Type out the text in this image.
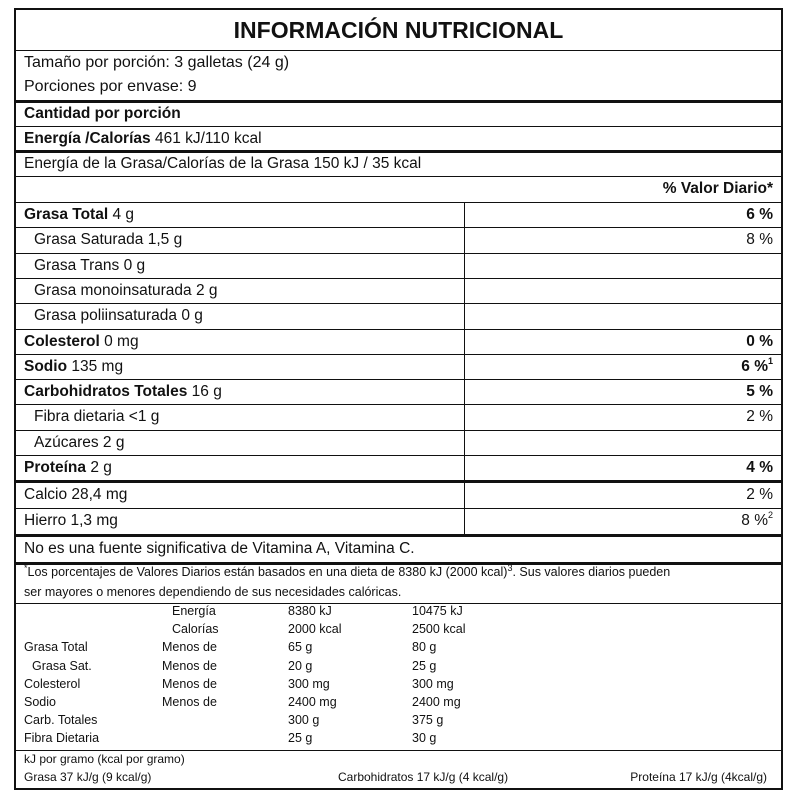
INFORMACIÓN NUTRICIONAL
Tamaño por porción: 3 galletas (24 g)
Porciones por envase: 9
Cantidad por porción
Energía /Calorías 461 kJ/110 kcal
Energía de la Grasa/Calorías de la Grasa 150 kJ / 35 kcal
% Valor Diario*
Grasa Total 4 g	6 %
Grasa Saturada 1,5 g	8 %
Grasa Trans 0 g
Grasa monoinsaturada 2 g
Grasa poliinsaturada 0 g
Colesterol 0 mg	0 %
Sodio 135 mg	6 %$^1$
Carbohidratos Totales 16 g	5 %
Fibra dietaria <1 g	2 %
Azúcares 2 g
Proteína 2 g	4 %
Calcio 28,4 mg	2 %
Hierro 1,3 mg	8 %$^2$
No es una fuente significativa de Vitamina A, Vitamina C.
*Los porcentajes de Valores Diarios están basados en una dieta de 8380 kJ (2000 kcal)$^3$. Sus valores diarios pueden
ser mayores o menores dependiendo de sus necesidades calóricas.
Energía	8380 kJ	10475 kJ
Calorías	2000 kcal	2500 kcal
Grasa Total	Menos de	65 g	80 g
Grasa Sat.	Menos de	20 g	25 g
Colesterol	Menos de	300 mg	300 mg
Sodio	Menos de	2400 mg	2400 mg
Carb. Totales	300 g	375 g
Fibra Dietaria	25 g	30 g
kJ por gramo (kcal por gramo)
Grasa 37 kJ/g (9 kcal/g)	Carbohidratos 17 kJ/g (4 kcal/g)	Proteína 17 kJ/g (4kcal/g)
